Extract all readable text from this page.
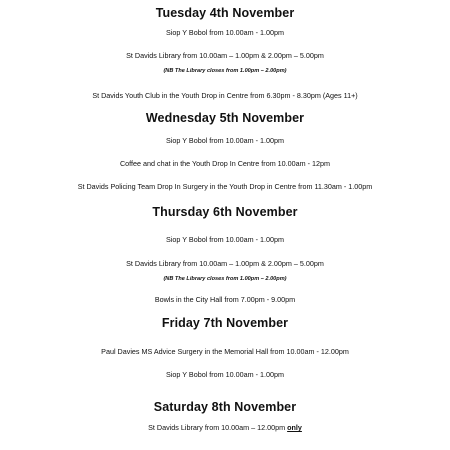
Tuesday 4th November
Siop Y Bobol from 10.00am - 1.00pm
St Davids Library from 10.00am – 1.00pm & 2.00pm – 5.00pm
(NB The Library closes from 1.00pm – 2.00pm)
St Davids Youth Club in the Youth Drop in Centre from 6.30pm - 8.30pm (Ages 11+)
Wednesday 5th November
Siop Y Bobol from 10.00am - 1.00pm
Coffee and chat in the Youth Drop In Centre from 10.00am - 12pm
St Davids Policing Team Drop In Surgery in the Youth Drop in Centre from 11.30am - 1.00pm
Thursday 6th November
Siop Y Bobol from 10.00am - 1.00pm
St Davids Library from 10.00am – 1.00pm & 2.00pm – 5.00pm
(NB The Library closes from 1.00pm – 2.00pm)
Bowls in the City Hall from 7.00pm - 9.00pm
Friday 7th November
Paul Davies MS Advice Surgery in the Memorial Hall from 10.00am - 12.00pm
Siop Y Bobol from 10.00am - 1.00pm
Saturday 8th November
St Davids Library from 10.00am – 12.00pm only
